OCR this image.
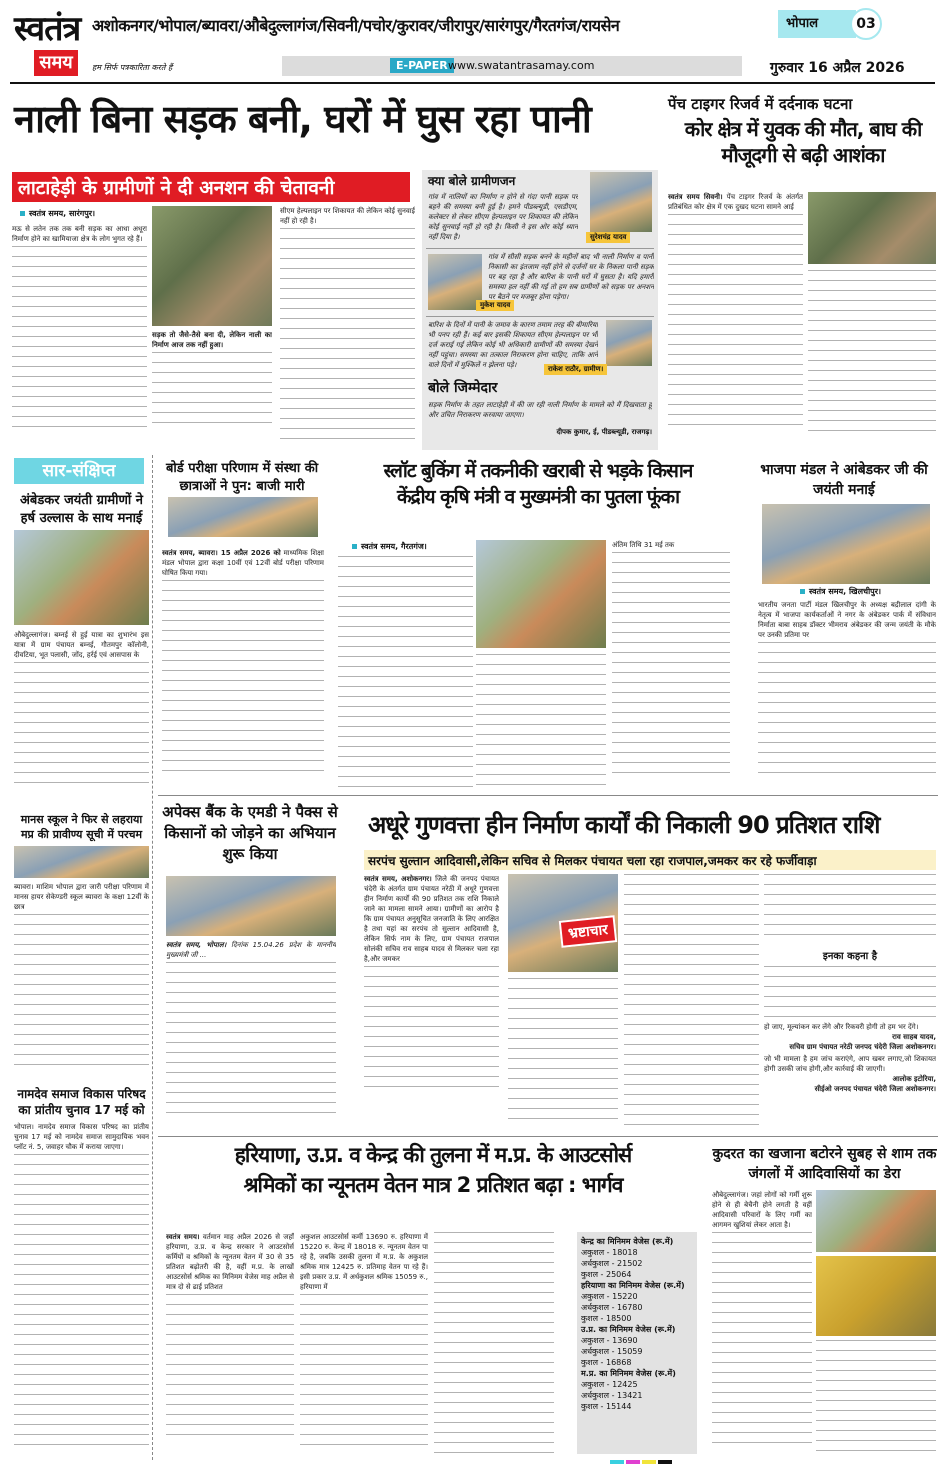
स्वतंत्र
समय
अशोकनगर/भोपाल/ब्यावरा/औबेदुल्लागंज/सिवनी/पचोर/कुरावर/जीरापुर/सारंगपुर/गैरतगंज/रायसेन	भोपाल	03
हम सिर्फ पत्रकारिता करते हैं	E-PAPER www.swatantrasamay.com	गुरुवार 16 अप्रैल 2026
नाली बिना सड़क बनी, घरों में घुस रहा पानी
लाटाहेड़ी के ग्रामीणों ने दी अनशन की चेतावनी
स्वतंत्र समय, सारंगपुर।
मऊ से लतेन तक तक बनी सड़क का आधा अधूरा निर्माण होने का खामियाजा क्षेत्र के लोग भुगत रहे हैं।
सड़क तो जैसे-तैसे बना दी, लेकिन नाली का निर्माण आज तक नहीं हुआ।
सीएम हेल्पलाइन पर शिकायत की लेकिन कोई सुनवाई नहीं हो रही है।
क्या बोले ग्रामीणजन
गांव में नालियों का निर्माण न होने से गंदा पानी सड़क पर बहने की समस्या बनी हुई है। हमने पीडब्ल्यूडी, एसडीएम, कलेक्टर से लेकर सीएम हेल्पलाइन पर शिकायत की लेकिन कोई सुनवाई नहीं हो रही है। किसी ने इस ओर कोई ध्यान नहीं दिया है।	सुरेशचंद्र यादव
मुकेश यादव
गांव में सीसी सड़क बनने के महीनों बाद भी नाली निर्माण व पानी निकासी का इंतजाम नहीं होने से दर्जनों घर के निकला पानी सड़क पर बह रहा है और बारिश के पानी घरों में घुसता है। यदि हमारी समस्या हल नहीं की गई तो हम सब ग्रामीणों को सड़क पर अनशन पर बैठने पर मजबूर होना पड़ेगा।
बारिश के दिनों में पानी के जमाव के कारण तमाम तरह की बीमारियां भी पनप रही हैं। कई बार इसकी शिकायत सीएम हेल्पलाइन पर भी दर्ज कराई गई लेकिन कोई भी अधिकारी ग्रामीणों की समस्या देखने नहीं पहुंचा। समस्या का तत्काल निराकरण होना चाहिए, ताकि आने वाले दिनों में मुश्किलें न झेलना पड़े।	राकेश राठौर, ग्रामीण।
बोले जिम्मेदार
सड़क निर्माण के तहत लाटाहेड़ी में की जा रही नाली निर्माण के मामले को मैं दिखवाता हूं और उचित निराकरण करवाया जाएगा।
दीपक कुमार, ई, पीडब्ल्यूडी, राजगढ़।
पेंच टाइगर रिजर्व में दर्दनाक घटना
कोर क्षेत्र में युवक की मौत, बाघ की मौजूदगी से बढ़ी आशंका
स्वतंत्र समय सिवनी। पेंच टाइगर रिजर्व के अंतर्गत प्रतिबंधित कोर क्षेत्र में एक दुखद घटना सामने आई
सार-संक्षिप्त
अंबेडकर जयंती ग्रामीणों ने हर्ष उल्लास के साथ मनाई
औबेदुल्लागंज। बम्नई से हुई यात्रा का शुभारंभ इस यात्रा में ग्राम पंचायत बम्नई, गौतमपुर कॉलोनी, दीवटिया, भूत पलासी, जोंद, हर्रई एवं आसपास के
मानस स्कूल ने फिर से लहराया मप्र की प्रावीण्य सूची में परचम
ब्यावरा। माशिम भोपाल द्वारा जारी परीक्षा परिणाम में मानस हायर सेकेण्डरी स्कूल ब्यावरा के कक्षा 12वीं के छात्र
नामदेव समाज विकास परिषद का प्रांतीय चुनाव 17 मई को
भोपाल। नामदेव समाज विकास परिषद का प्रांतीय चुनाव 17 मई को नामदेव समाज सामुदायिक भवन प्लॉट नं. 5, जवाहर चौक में कराया जाएगा।
बोर्ड परीक्षा परिणाम में संस्था की छात्राओं ने पुन: बाजी मारी
स्वतंत्र समय, ब्यावरा। 15 अप्रैल 2026 को माध्यमिक शिक्षा मंडल भोपाल द्वारा कक्षा 10वीं एवं 12वीं बोर्ड परीक्षा परिणाम घोषित किया गया।
स्लॉट बुकिंग में तकनीकी खराबी से भड़के किसान
केंद्रीय कृषि मंत्री व मुख्यमंत्री का पुतला फूंका
स्वतंत्र समय, गैरतगंज।	अंतिम तिथि 31 मई तक
भाजपा मंडल ने आंबेडकर जी की जयंती मनाई
स्वतंत्र समय, खिलचीपुर।
भारतीय जनता पार्टी मंडल खिलचीपुर के अध्यक्ष बद्रीलाल दांगी के नेतृत्व में भाजपा कार्यकर्ताओं ने नगर के अंबेडकर पार्क में संविधान निर्माता बाबा साहब डॉक्टर भीमराव अंबेडकर की जन्म जयंती के मौके पर उनकी प्रतिमा पर
अपेक्स बैंक के एमडी ने पैक्स से किसानों को जोड़ने का अभियान शुरू किया
स्वतंत्र समय, भोपाल। दिनांक 15.04.26 प्रदेश के माननीय मुख्यमंत्री जी ...
अधूरे गुणवत्ता हीन निर्माण कार्यों की निकाली 90 प्रतिशत राशि
सरपंच सुल्तान आदिवासी,लेकिन सचिव से मिलकर पंचायत चला रहा राजपाल,जमकर कर रहे फर्जीवाड़ा
स्वतंत्र समय, अशोकनगर। जिले की जनपद पंचायत चंदेरी के अंतर्गत ग्राम पंचायत नरेठी में अधूरे गुणवत्ता हीन निर्माण कार्यों की 90 प्रतिशत तक राशि निकाले जाने का मामला सामने आया। ग्रामीणों का आरोप है कि ग्राम पंचायत अनुसूचित जनजाति के लिए आरक्षित है तथा यहां का सरपंच तो सुल्तान आदिवासी है, लेकिन सिर्फ नाम के लिए, ग्राम पंचायत राजपाल सोलंकी सचिव राव साहब यादव से मिलकर चला रहा है,और जमकर
भ्रष्टाचार
इनका कहना है
हो जाए, मूल्यांकन कर लेंगे और रिकवरी होगी तो हम भर देंगे।
राव साहब यादव,
सचिव ग्राम पंचायत नरेठी जनपद चंदेरी जिला अशोकनगर।
जो भी मामला है हम जांच कराएंगे, आप खबर लगाए,जो शिकायत होगी उसकी जांच होगी,और कार्रवाई की जाएगी।
आलोक इटोरिया,
सीईओ जनपद पंचायत चंदेरी जिला अशोकनगर।
हरियाणा, उ.प्र. व केन्द्र की तुलना में म.प्र. के आउटसोर्स
श्रमिकों का न्यूनतम वेतन मात्र 2 प्रतिशत बढ़ा : भार्गव
स्वतंत्र समय। वर्तमान माह अप्रैल 2026 से जहाँ हरियाणा, उ.प्र. व केन्द्र सरकार ने आउटसोर्स कर्मियों व श्रमिकों के न्यूनतम वेतन में 30 से 35 प्रतिशत बढ़ोतरी की है, वहीं म.प्र. के लाखों आउटसोर्स श्रमिक का मिनिमम वेजेस माह अप्रैल से मात्र दो से ढाई प्रतिशत
अकुशल आउटसोर्स कर्मी 13690 रु. हरियाणा में 15220 रु. केन्द्र में 18018 रु. न्यूनतम वेतन पा रहे है, जबकि उसकी तुलना में म.प्र. के अकुशल श्रमिक मात्र 12425 रु. प्रतिमाह वेतन पा रहे हैं। इसी प्रकार उ.प्र. में अर्धकुशल श्रमिक 15059 रु., हरियाणा में
केन्द्र का मिनिमम वेजेस (रू.में)
अकुशल - 18018
अर्धकुशल - 21502
कुशल - 25064
हरियाणा का मिनिमम वेजेस (रू.में)
अकुशल - 15220
अर्धकुशल - 16780
कुशल - 18500
उ.प्र. का मिनिमम वेजेस (रू.में)
अकुशल - 13690
अर्धकुशल - 15059
कुशल - 16868
म.प्र. का मिनिमम वेजेस (रू.में)
अकुशल - 12425
अर्धकुशल - 13421
कुशल - 15144
कुदरत का खजाना बटोरने सुबह से शाम तक जंगलों में आदिवासियों का डेरा
औबेदुल्लागंज। जहां लोगों को गर्मी शुरू होने से ही बेचैनी होने लगती है वहीं आदिवासी परिवारों के लिए गर्मी का आगमन खुशियां लेकर आता है।
